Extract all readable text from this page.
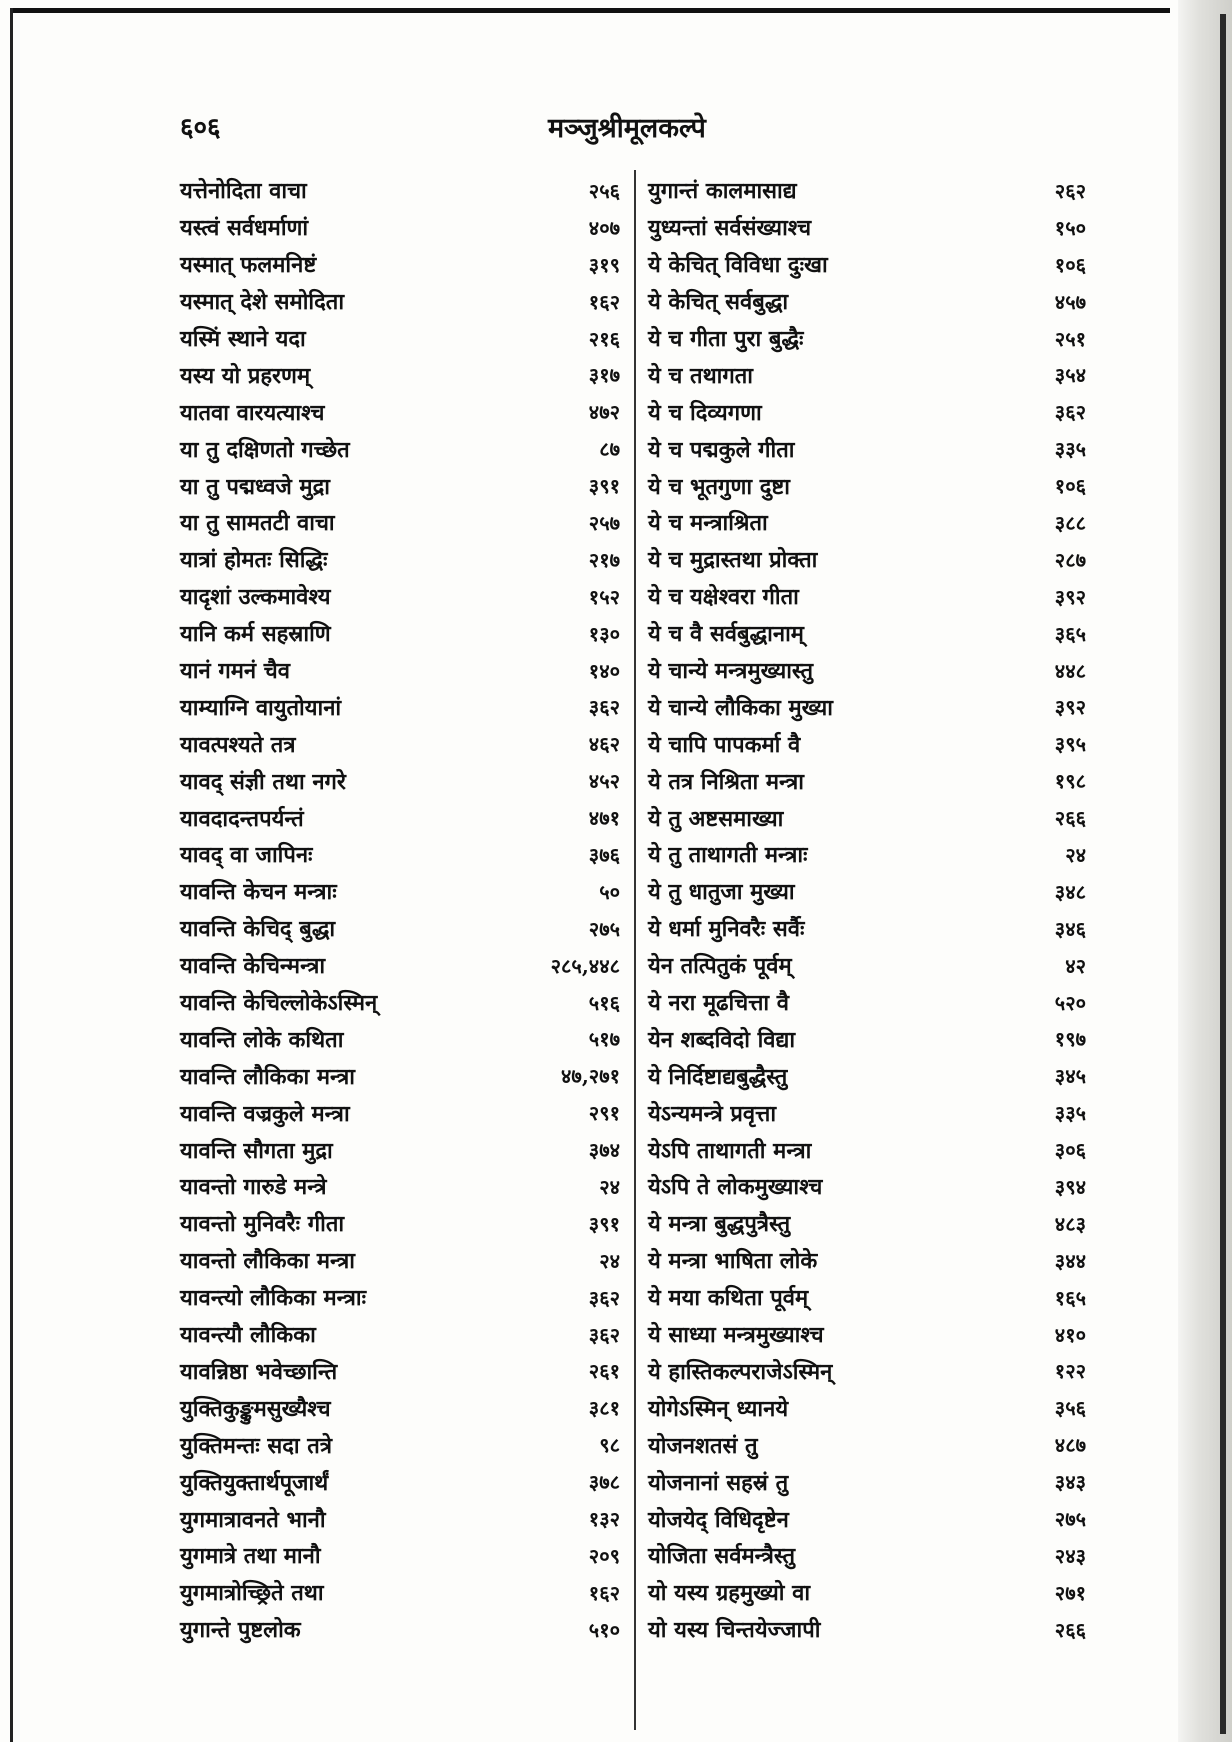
६०६	मञ्जुश्रीमूलकल्पे
यत्तेनोदिता वाचा	२५६
यस्त्वं सर्वधर्माणां	४०७
यस्मात् फलमनिष्टं	३१९
यस्मात् देशे समोदिता	१६२
यस्मिं स्थाने यदा	२१६
यस्य यो प्रहरणम्	३१७
यातवा वारयत्याश्च	४७२
या तु दक्षिणतो गच्छेत	८७
या तु पद्मध्वजे मुद्रा	३९१
या तु सामतटी वाचा	२५७
यात्रां होमतः सिद्धिः	२१७
यादृशां उल्कमावेश्य	१५२
यानि कर्म सहस्राणि	१३०
यानं गमनं चैव	१४०
याम्याग्नि वायुतोयानां	३६२
यावत्पश्यते तत्र	४६२
यावद् संज्ञी तथा नगरे	४५२
यावदादन्तपर्यन्तं	४७१
यावद् वा जापिनः	३७६
यावन्ति केचन मन्त्राः	५०
यावन्ति केचिद् बुद्धा	२७५
यावन्ति केचिन्मन्त्रा	२८५,४४८
यावन्ति केचिल्लोकेऽस्मिन्	५१६
यावन्ति लोके कथिता	५१७
यावन्ति लौकिका मन्त्रा	४७,२७१
यावन्ति वज्रकुले मन्त्रा	२९१
यावन्ति सौगता मुद्रा	३७४
यावन्तो गारुडे मन्त्रे	२४
यावन्तो मुनिवरैः गीता	३९१
यावन्तो लौकिका मन्त्रा	२४
यावन्त्यो लौकिका मन्त्राः	३६२
यावन्त्यौ लौकिका	३६२
यावन्निष्ठा भवेच्छान्ति	२६१
युक्तिकुङ्कुमसुख्यैश्च	३८१
युक्तिमन्तः सदा तत्रे	९८
युक्तियुक्तार्थपूजार्थं	३७८
युगमात्रावनते भानौ	१३२
युगमात्रे तथा मानौ	२०९
युगमात्रोच्छ्रिते तथा	१६२
युगान्ते पुष्टलोक	५१०
युगान्तं कालमासाद्य	२६२
युध्यन्तां सर्वसंख्याश्च	१५०
ये केचित् विविधा दुःखा	१०६
ये केचित् सर्वबुद्धा	४५७
ये च गीता पुरा बुद्धैः	२५१
ये च तथागता	३५४
ये च दिव्यगणा	३६२
ये च पद्मकुले गीता	३३५
ये च भूतगुणा दुष्टा	१०६
ये च मन्त्राश्रिता	३८८
ये च मुद्रास्तथा प्रोक्ता	२८७
ये च यक्षेश्वरा गीता	३९२
ये च वै सर्वबुद्धानाम्	३६५
ये चान्ये मन्त्रमुख्यास्तु	४४८
ये चान्ये लौकिका मुख्या	३९२
ये चापि पापकर्मा वै	३९५
ये तत्र निश्रिता मन्त्रा	१९८
ये तु अष्टसमाख्या	२६६
ये तु ताथागती मन्त्राः	२४
ये तु धातुजा मुख्या	३४८
ये धर्मा मुनिवरैः सर्वैः	३४६
येन तत्पितुकं पूर्वम्	४२
ये नरा मूढचित्ता वै	५२०
येन शब्दविदो विद्या	१९७
ये निर्दिष्टाद्यबुद्धैस्तु	३४५
येऽन्यमन्त्रे प्रवृत्ता	३३५
येऽपि ताथागती मन्त्रा	३०६
येऽपि ते लोकमुख्याश्च	३९४
ये मन्त्रा बुद्धपुत्रैस्तु	४८३
ये मन्त्रा भाषिता लोके	३४४
ये मया कथिता पूर्वम्	१६५
ये साध्या मन्त्रमुख्याश्च	४१०
ये हास्तिकल्पराजेऽस्मिन्	१२२
योगेऽस्मिन् ध्यानये	३५६
योजनशतसं तु	४८७
योजनानां सहस्रं तु	३४३
योजयेद् विधिदृष्टेन	२७५
योजिता सर्वमन्त्रैस्तु	२४३
यो यस्य ग्रहमुख्यो वा	२७१
यो यस्य चिन्तयेज्जापी	२६६
